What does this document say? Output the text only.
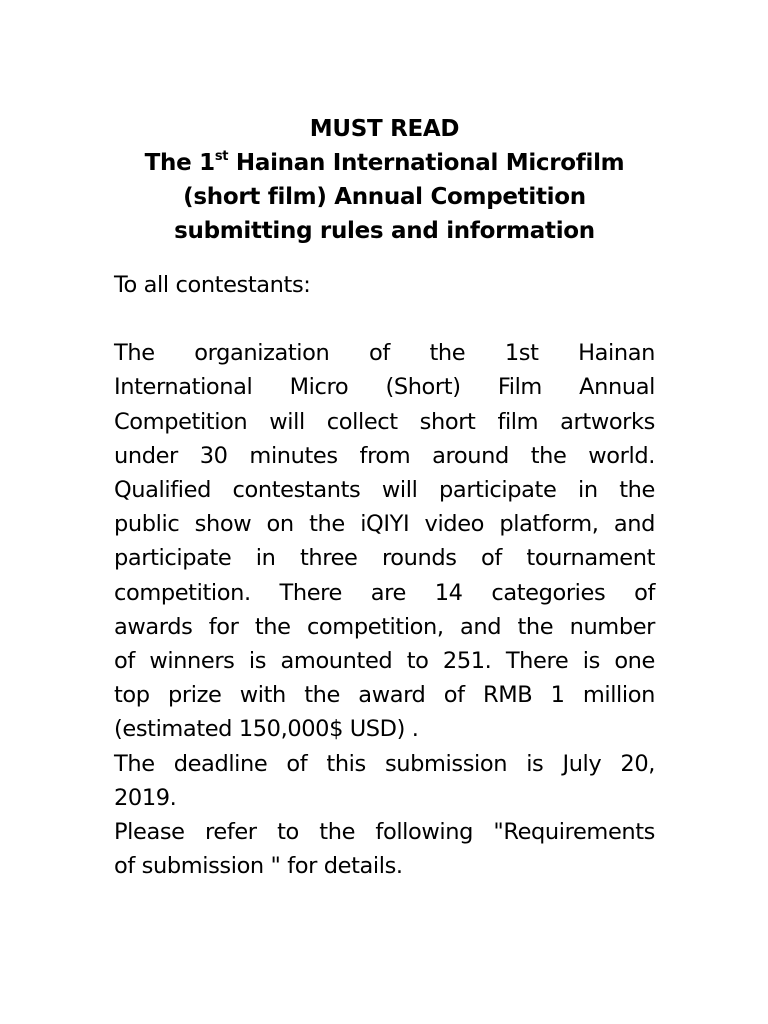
MUST READ
The 1st Hainan International Microfilm
(short film) Annual Competition
submitting rules and information

To all contestants:

The organization of the 1st Hainan
International Micro (Short) Film Annual
Competition will collect short film artworks
under 30 minutes from around the world.
Qualified contestants will participate in the
public show on the iQIYI video platform, and
participate in three rounds of tournament
competition. There are 14 categories of
awards for the competition, and the number
of winners is amounted to 251. There is one
top prize with the award of RMB 1 million
(estimated 150,000$ USD) .

The deadline of this submission is July 20,
2019.

Please refer to the following "Requirements
of submission " for details.
